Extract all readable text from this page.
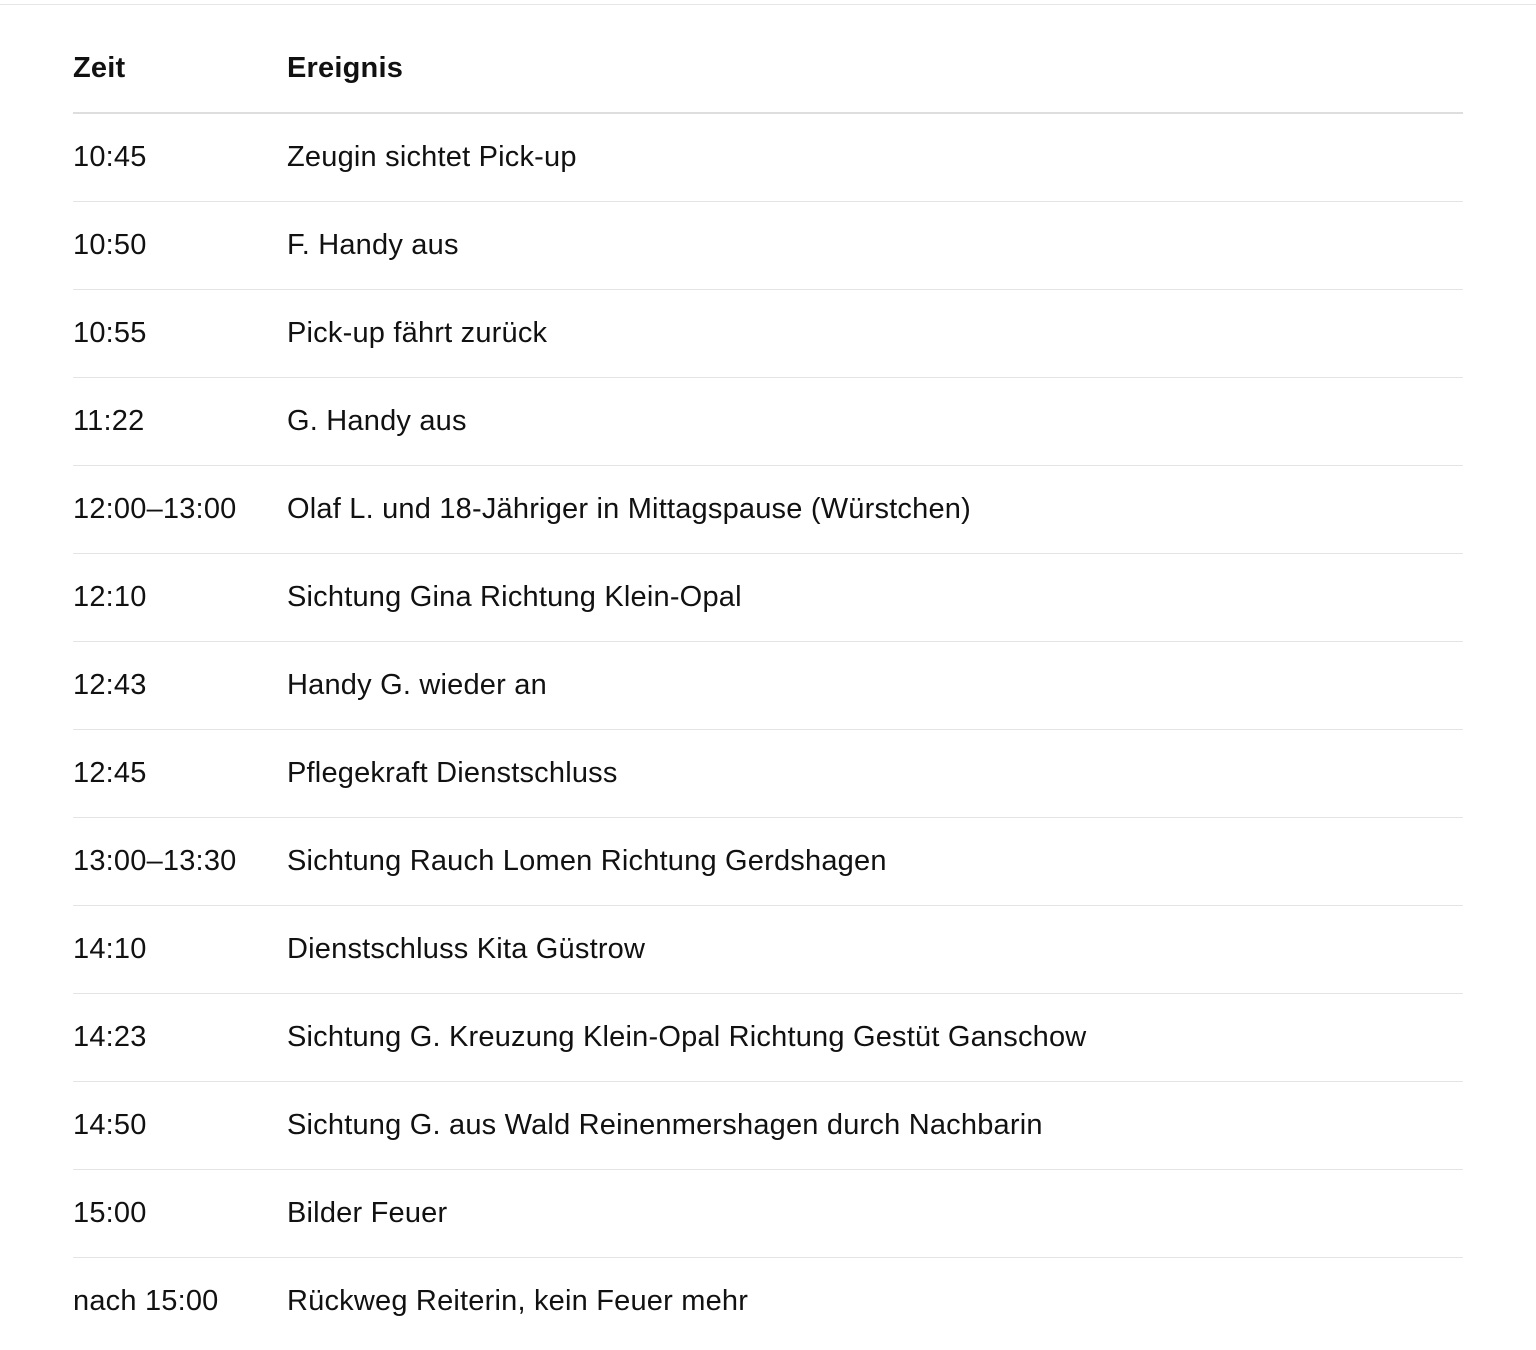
Zeit	Ereignis
10:45	Zeugin sichtet Pick-up
10:50	F. Handy aus
10:55	Pick-up fährt zurück
11:22	G. Handy aus
12:00–13:00	Olaf L. und 18-Jähriger in Mittagspause (Würstchen)
12:10	Sichtung Gina Richtung Klein-Opal
12:43	Handy G. wieder an
12:45	Pflegekraft Dienstschluss
13:00–13:30	Sichtung Rauch Lomen Richtung Gerdshagen
14:10	Dienstschluss Kita Güstrow
14:23	Sichtung G. Kreuzung Klein-Opal Richtung Gestüt Ganschow
14:50	Sichtung G. aus Wald Reinenmershagen durch Nachbarin
15:00	Bilder Feuer
nach 15:00	Rückweg Reiterin, kein Feuer mehr
